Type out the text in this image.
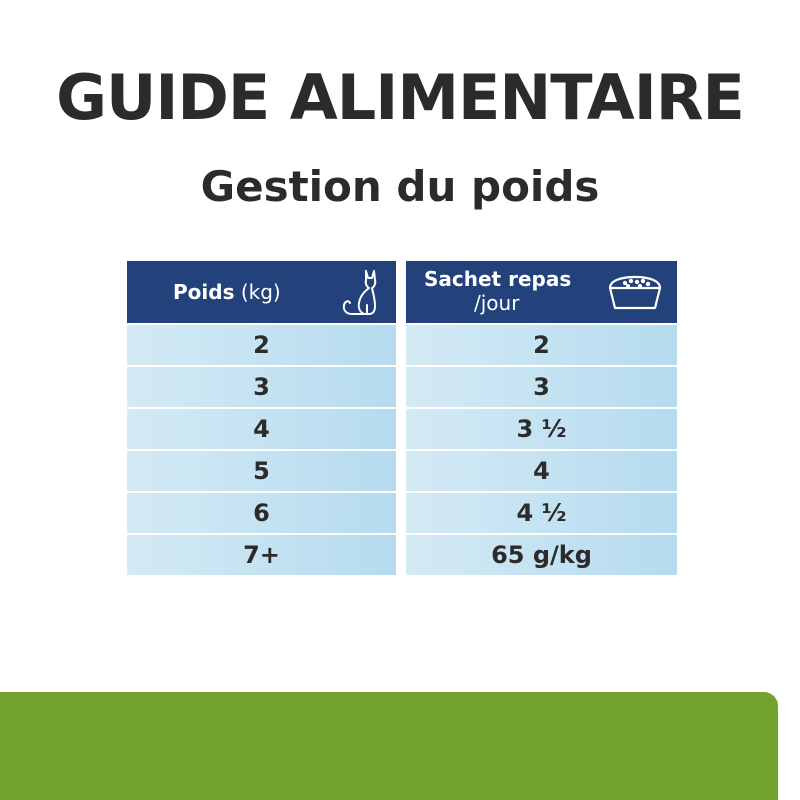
GUIDE ALIMENTAIRE
Gestion du poids
Poids (kg)
2
3
4
5
6
7+
Sachet repas
/jour
2
3
3 ½
4
4 ½
65 g/kg
